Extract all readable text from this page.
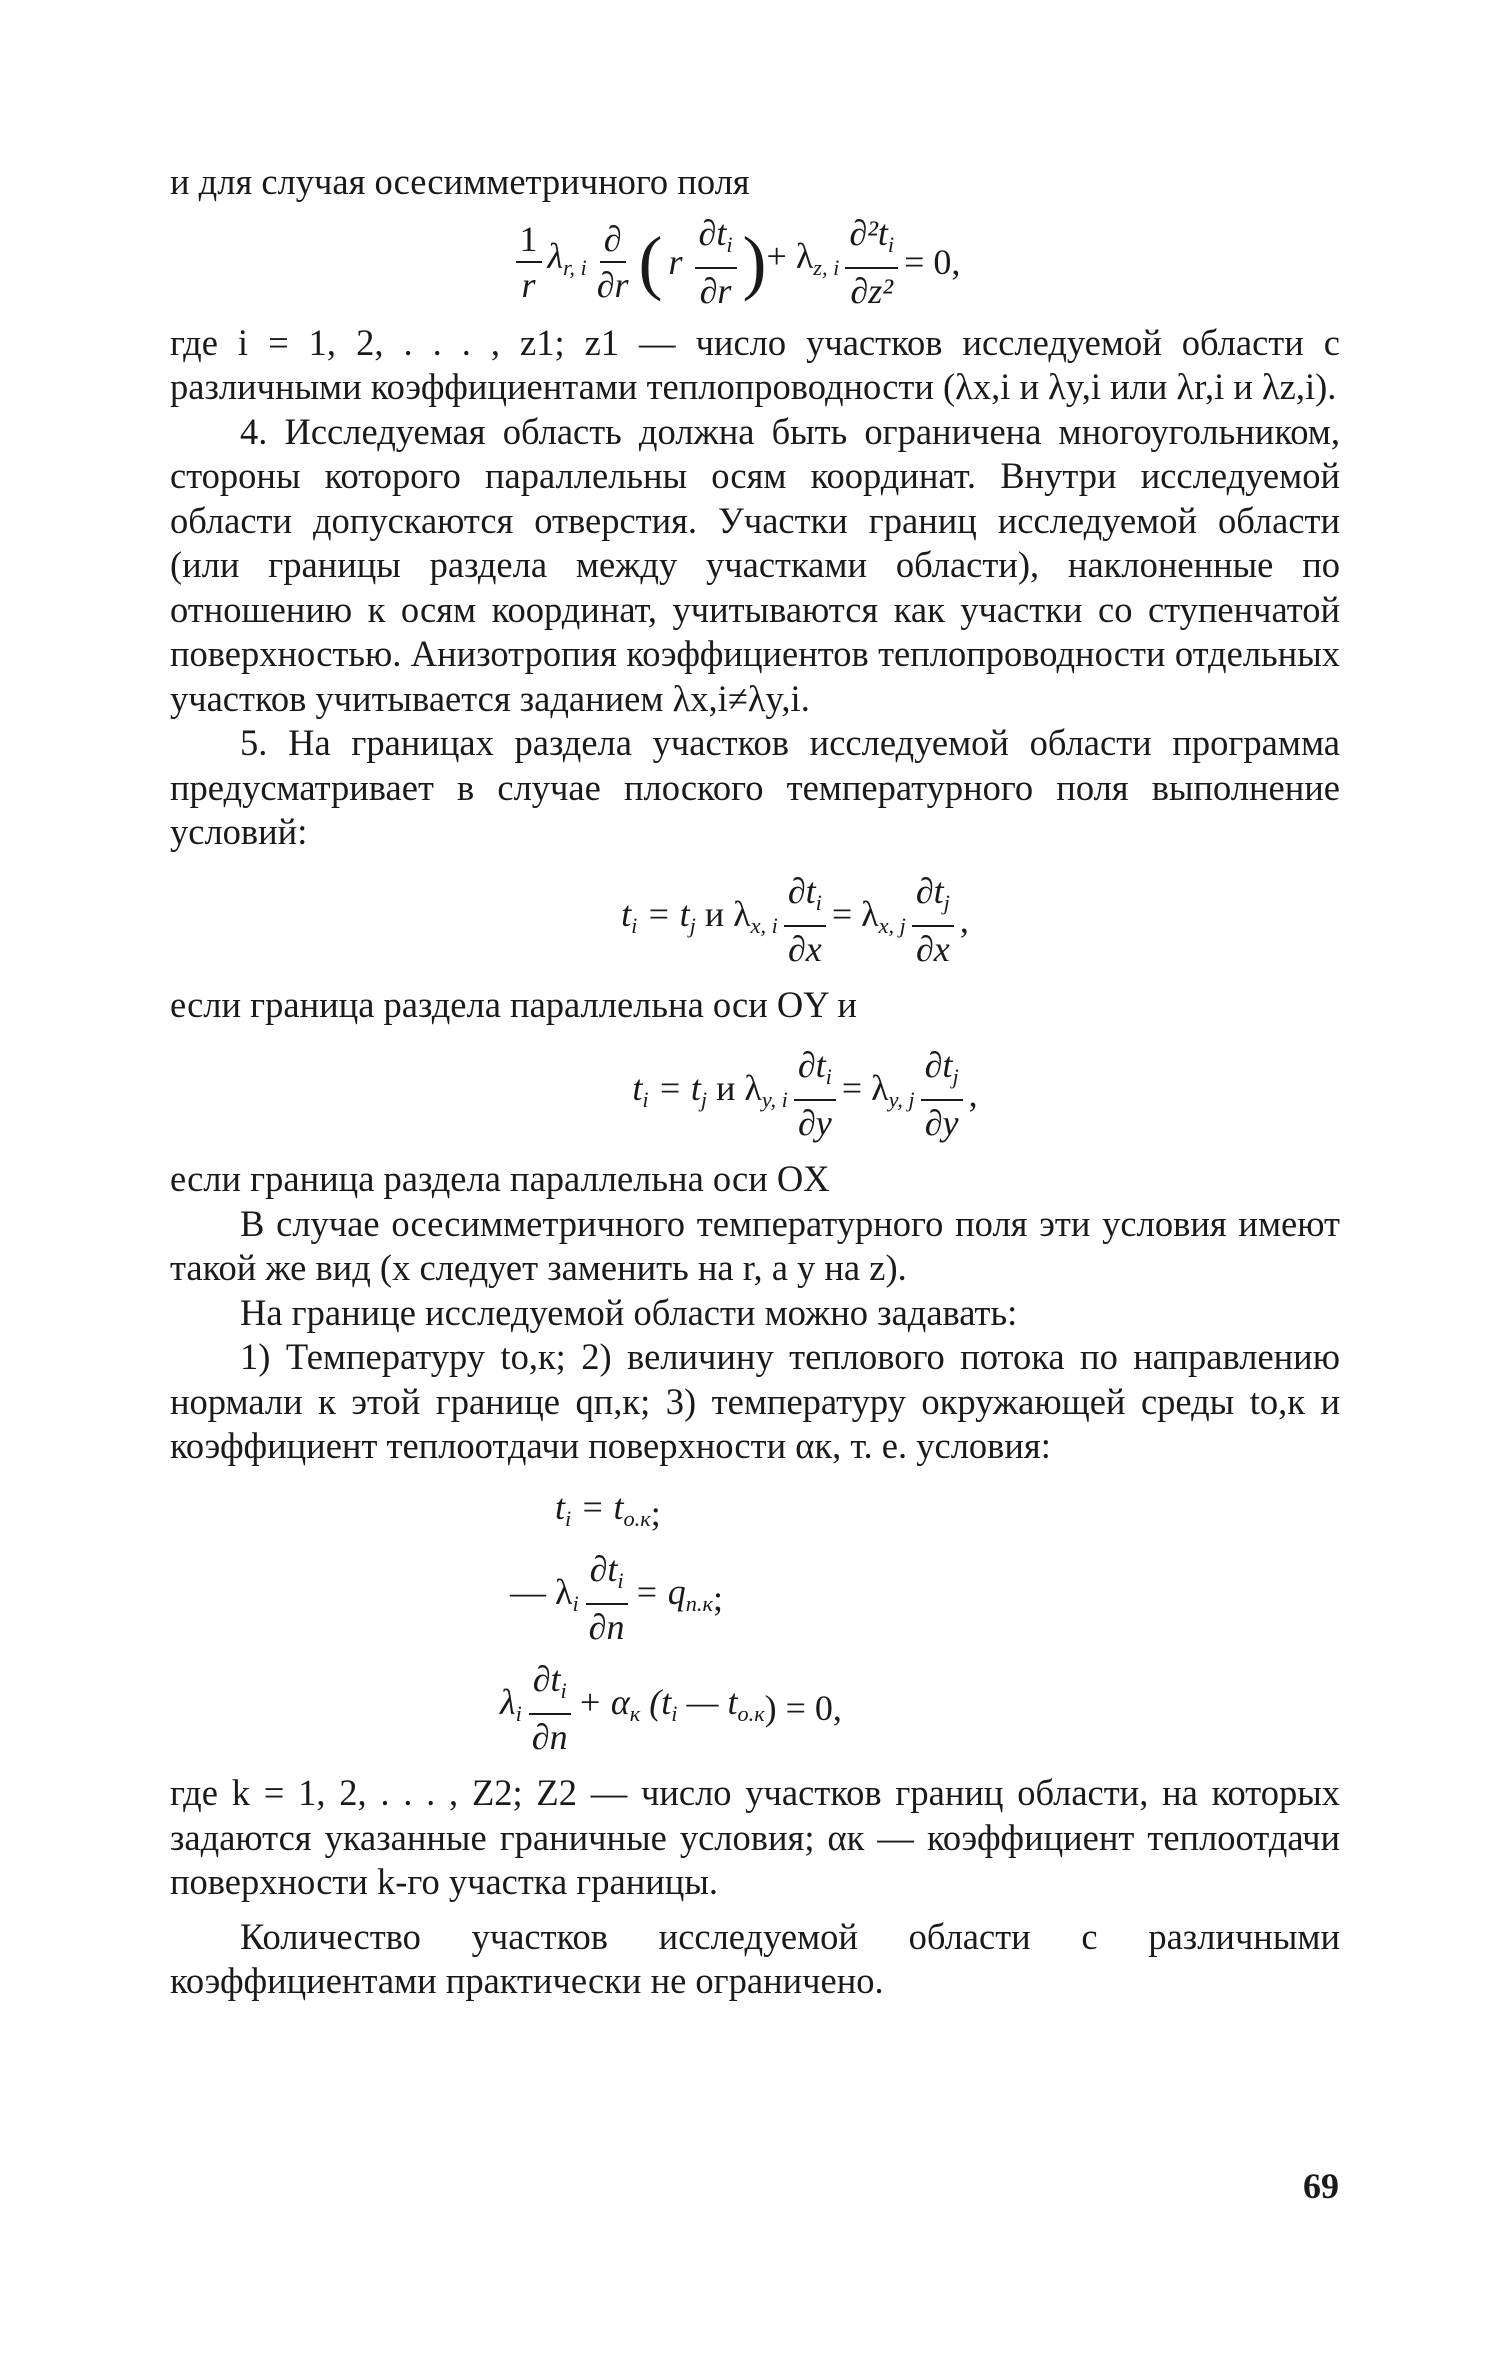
и для случая осесимметричного поля

$\frac{1}{r} \lambda_{r, i} \frac{\partial}{\partial r}$ ( r $\frac{\partial t_i}{\partial r}$ ) + $\lambda_{z, i} \frac{\partial^2t_i}{\text{∂z²}} = 0$,

где i = 1, 2, . . . , z1; z1 — число участков исследуемой области с различными коэффициентами теплопроводности (λx,i и λy,i или λr,i и λz,i).

4. Исследуемая область должна быть ограничена многоугольником, стороны которого параллельны осям координат. Внутри исследуемой области допускаются отверстия. Участки границ исследуемой области (или границы раздела между участками области), наклоненные по отношению к осям координат, учитываются как участки со ступенчатой поверхностью. Анизотропия коэффициентов теплопроводности отдельных участков учитывается заданием λx,i≠λy,i.

5. На границах раздела участков исследуемой области программа предусматривает в случае плоского температурного поля выполнение условий:

$t_i$
= $t_j$
и $\lambda_{x, i} \frac{\partial t_i}{\partial x} = \lambda_{x, j} \frac{\partial t_j}{\partial x}$ ,

если граница раздела параллельна оси OY и

$t_i$
= $t_j$
и $\lambda_{y, i} \frac{\partial t_i}{\partial y} = \lambda_{y, j} \frac{\partial t_j}{\partial y}$ ,

если граница раздела параллельна оси OX

В случае осесимметричного температурного поля эти условия имеют такой же вид (x следует заменить на r, а y на z).

На границе исследуемой области можно задавать:

1) Температуру tо,к; 2) величину теплового потока по направлению нормали к этой границе qп,к; 3) температуру окружающей среды tо,к и коэффициент теплоотдачи поверхности αк, т. е. условия:

$t_i$
= $t_{о.к}$ ;
— $\lambda_i \frac{\partial t_i}{\partial n} = q_{п.к}$ ;
$\lambda_i \frac{\partial t_i}{\partial n} + \alpha_к$
($t_i$
— $t_{о.к}$ ) = 0,

где k = 1, 2, . . . , Z2; Z2 — число участков границ области, на которых задаются указанные граничные условия; αк — коэффициент теплоотдачи поверхности k-го участка границы.

Количество участков исследуемой области с различными коэффициентами практически не ограничено.

69
